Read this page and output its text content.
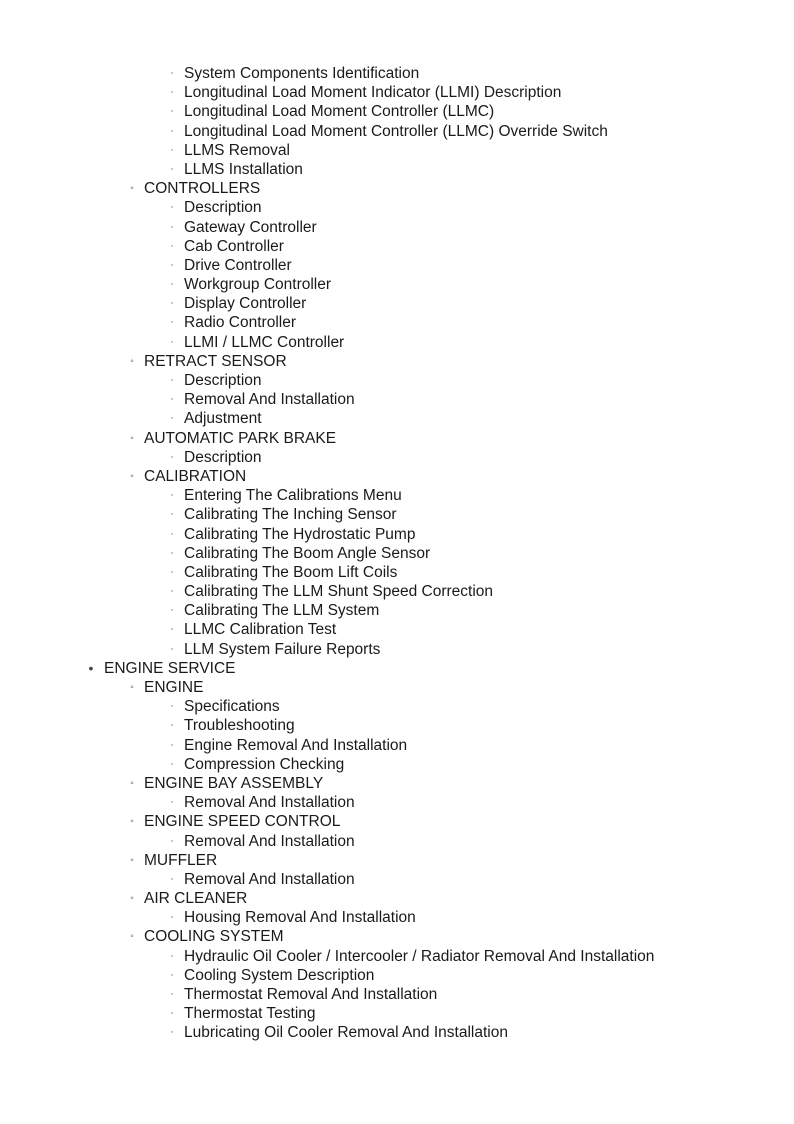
▫ System Components Identification
▫ Longitudinal Load Moment Indicator (LLMI) Description
▫ Longitudinal Load Moment Controller (LLMC)
▫ Longitudinal Load Moment Controller (LLMC) Override Switch
▫ LLMS Removal
▫ LLMS Installation
◦ CONTROLLERS
▫ Description
▫ Gateway Controller
▫ Cab Controller
▫ Drive Controller
▫ Workgroup Controller
▫ Display Controller
▫ Radio Controller
▫ LLMI / LLMC Controller
◦ RETRACT SENSOR
▫ Description
▫ Removal And Installation
▫ Adjustment
◦ AUTOMATIC PARK BRAKE
▫ Description
◦ CALIBRATION
▫ Entering The Calibrations Menu
▫ Calibrating The Inching Sensor
▫ Calibrating The Hydrostatic Pump
▫ Calibrating The Boom Angle Sensor
▫ Calibrating The Boom Lift Coils
▫ Calibrating The LLM Shunt Speed Correction
▫ Calibrating The LLM System
▫ LLMC Calibration Test
▫ LLM System Failure Reports
• ENGINE SERVICE
◦ ENGINE
▫ Specifications
▫ Troubleshooting
▫ Engine Removal And Installation
▫ Compression Checking
◦ ENGINE BAY ASSEMBLY
▫ Removal And Installation
◦ ENGINE SPEED CONTROL
▫ Removal And Installation
◦ MUFFLER
▫ Removal And Installation
◦ AIR CLEANER
▫ Housing Removal And Installation
◦ COOLING SYSTEM
▫ Hydraulic Oil Cooler / Intercooler / Radiator Removal And Installation
▫ Cooling System Description
▫ Thermostat Removal And Installation
▫ Thermostat Testing
▫ Lubricating Oil Cooler Removal And Installation
